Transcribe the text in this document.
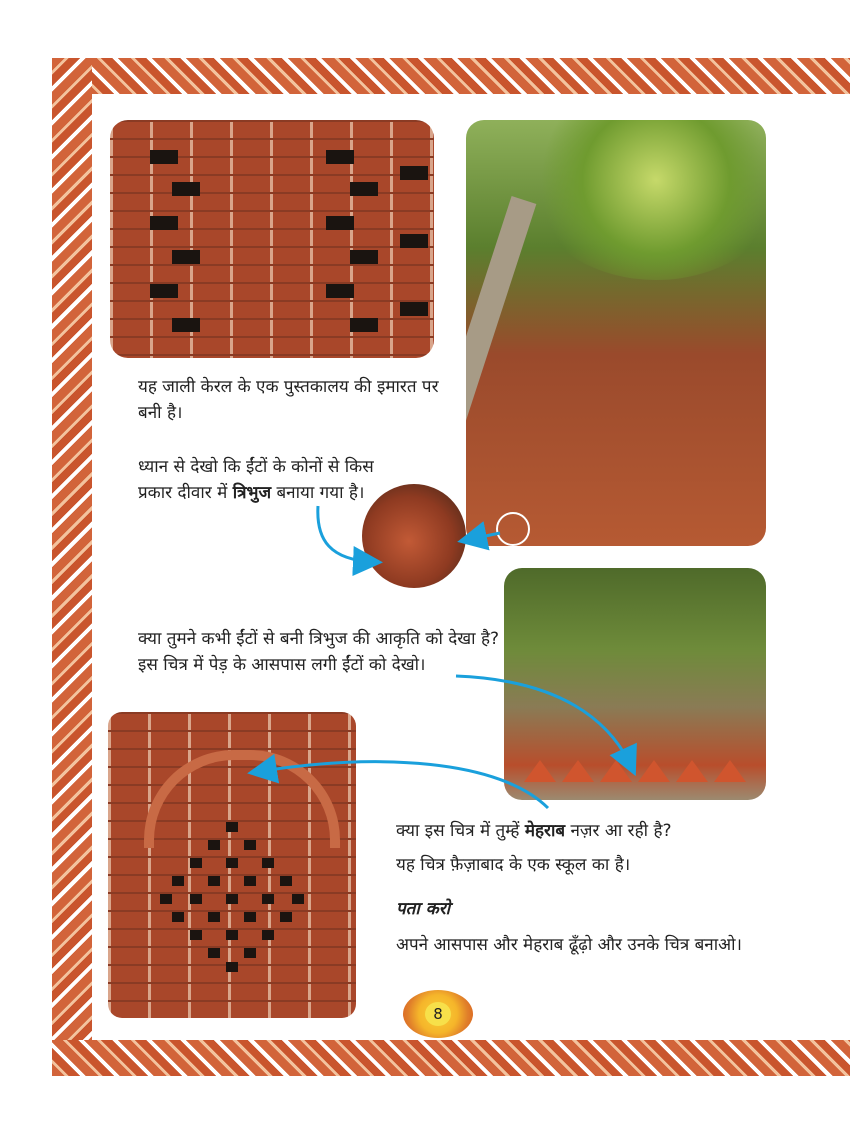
यह जाली केरल के एक पुस्तकालय की इमारत पर बनी है।

ध्यान से देखो कि ईंटों के कोनों से किस प्रकार दीवार में त्रिभुज बनाया गया है।

क्या तुमने कभी ईंटों से बनी त्रिभुज की आकृति को देखा है? इस चित्र में पेड़ के आसपास लगी ईंटों को देखो।

क्या इस चित्र में तुम्हें मेहराब नज़र आ रही है?

यह चित्र फ़ैज़ाबाद के एक स्कूल का है।

पता करो

अपने आसपास और मेहराब ढूँढ़ो और उनके चित्र बनाओ।

8
